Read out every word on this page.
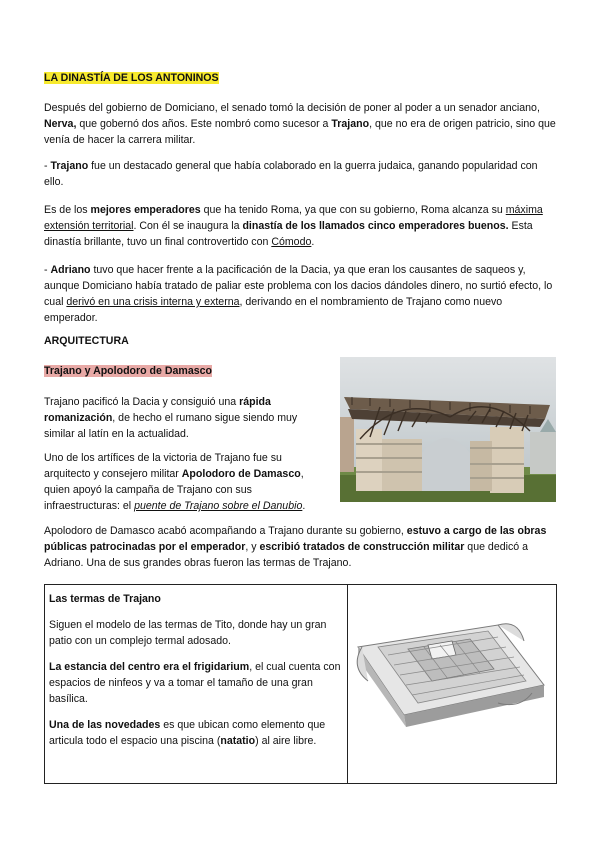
LA DINASTÍA DE LOS ANTONINOS
Después del gobierno de Domiciano, el senado tomó la decisión de poner al poder a un senador anciano, Nerva, que gobernó dos años. Este nombró como sucesor a Trajano, que no era de origen patricio, sino que venía de hacer la carrera militar.
- Trajano fue un destacado general que había colaborado en la guerra judaica, ganando popularidad con ello.
Es de los mejores emperadores que ha tenido Roma, ya que con su gobierno, Roma alcanza su máxima extensión territorial. Con él se inaugura la dinastía de los llamados cinco emperadores buenos. Esta dinastía brillante, tuvo un final controvertido con Cómodo.
- Adriano tuvo que hacer frente a la pacificación de la Dacia, ya que eran los causantes de saqueos y, aunque Domiciano había tratado de paliar este problema con los dacios dándoles dinero, no surtió efecto, lo cual derivó en una crisis interna y externa, derivando en el nombramiento de Trajano como nuevo emperador.
ARQUITECTURA
Trajano y Apolodoro de Damasco
Trajano pacificó la Dacia y consiguió una rápida romanización, de hecho el rumano sigue siendo muy similar al latín en la actualidad.
Uno de los artífices de la victoria de Trajano fue su arquitecto y consejero militar Apolodoro de Damasco, quien apoyó la campaña de Trajano con sus infraestructuras: el puente de Trajano sobre el Danubio.
Apolodoro de Damasco acabó acompañando a Trajano durante su gobierno, estuvo a cargo de las obras públicas patrocinadas por el emperador, y escribió tratados de construcción militar que dedicó a Adriano. Una de sus grandes obras fueron las termas de Trajano.
Las termas de Trajano
Siguen el modelo de las termas de Tito, donde hay un gran patio con un complejo termal adosado.
La estancia del centro era el frigidarium, el cual cuenta con espacios de ninfeos y va a tomar el tamaño de una gran basílica.
Una de las novedades es que ubican como elemento que articula todo el espacio una piscina (natatio) al aire libre.
